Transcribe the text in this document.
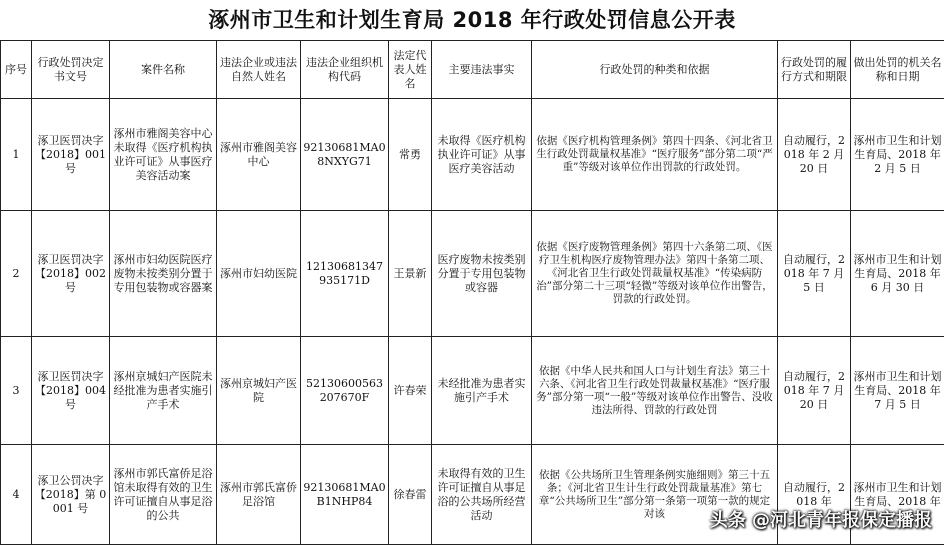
涿州市卫生和计划生育局 2018 年行政处罚信息公开表
序号	行政处罚决定书文号	案件名称	违法企业或违法自然人姓名	违法企业组织机构代码	法定代表人姓名	主要违法事实	行政处罚的种类和依据	行政处罚的履行方式和期限	做出处罚的机关名称和日期
1	涿卫医罚决字【2018】001 号	涿州市雅阁美容中心未取得《医疗机构执业许可证》从事医疗美容活动案	涿州市雅阁美容中心	92130681MA08NXYG71	常勇	未取得《医疗机构执业许可证》从事医疗美容活动	依据《医疗机构管理条例》第四十四条、《河北省卫生行政处罚裁量权基准》“医疗服务”部分第二项“严重”等级对该单位作出罚款的行政处罚。	自动履行，2018 年 2 月 20 日	涿州市卫生和计划生育局、2018 年 2 月 5 日
2	涿卫医罚决字【2018】002 号	涿州市妇幼医院医疗废物未按类别分置于专用包装物或容器案	涿州市妇幼医院	12130681347935171D	王景新	医疗废物未按类别分置于专用包装物或容器	依据《医疗废物管理条例》第四十六条第二项、《医疗卫生机构医疗废物管理办法》第四十条第二项、《河北省卫生行政处罚裁量权基准》“传染病防治”部分第二十三项“轻微”等级对该单位作出警告，罚款的行政处罚。	自动履行，2018 年 7 月 5 日	涿州市卫生和计划生育局、2018 年 6 月 30 日
3	涿卫医罚决字【2018】004 号	涿州京城妇产医院未经批准为患者实施引产手术	涿州京城妇产医院	52130600563207670F	许春荣	未经批准为患者实施引产手术	依据《中华人民共和国人口与计划生育法》第三十六条、《河北省卫生行政处罚裁量权基准》“医疗服务”部分第一项“一般”等级对该单位作出警告、没收违法所得、罚款的行政处罚	自动履行，2018 年 7 月 20 日	涿州市卫生和计划生育局、2018 年 7 月 5 日
4	涿卫公罚决字【2018】第 0001 号	涿州市郭氏富侨足浴馆未取得有效的卫生许可证擅自从事足浴的公共	涿州市郭氏富侨足浴馆	92130681MA0B1NHP84	徐春雷	未取得有效的卫生许可证擅自从事足浴的公共场所经营活动	依据《公共场所卫生管理条例实施细则》第三十五条；《河北省卫生计生行政处罚裁量基准》第七章“公共场所卫生”部分第一条第一项第一款的规定对该	自动履行，2018 年	涿州市卫生和计划生育局、2018 年
头条 @河北青年报保定播报
